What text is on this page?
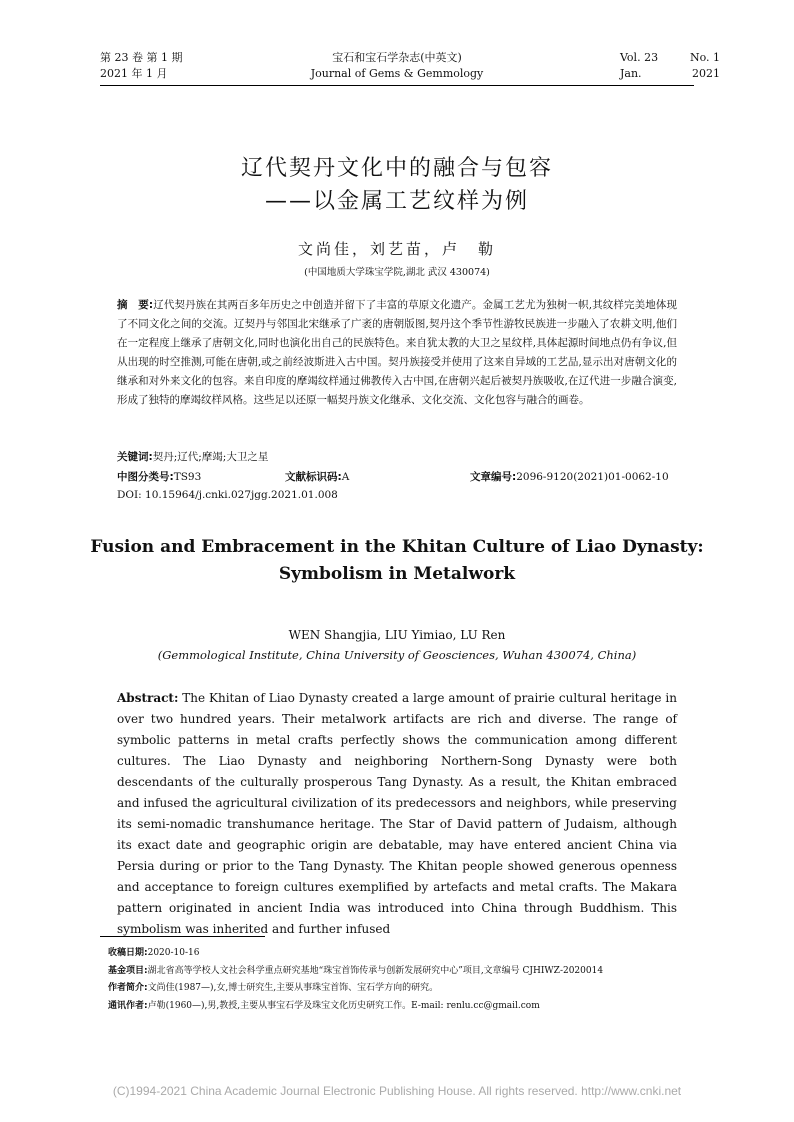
第 23 卷 第 1 期
2021 年 1 月
宝石和宝石学杂志(中英文)
Journal of Gems & Gemmology
Vol. 23	No. 1
Jan.	2021
辽代契丹文化中的融合与包容
——以金属工艺纹样为例
文尚佳，刘艺苗，卢　勒
(中国地质大学珠宝学院,湖北 武汉 430074)
摘　要:辽代契丹族在其两百多年历史之中创造并留下了丰富的草原文化遗产。金属工艺尤为独树一帜,其纹样完美地体现了不同文化之间的交流。辽契丹与邻国北宋继承了广袤的唐朝版图,契丹这个季节性游牧民族进一步融入了农耕文明,他们在一定程度上继承了唐朝文化,同时也演化出自己的民族特色。来自犹太教的大卫之星纹样,具体起源时间地点仍有争议,但从出现的时空推测,可能在唐朝,或之前经波斯进入古中国。契丹族接受并使用了这来自异域的工艺品,显示出对唐朝文化的继承和对外来文化的包容。来自印度的摩竭纹样通过佛教传入古中国,在唐朝兴起后被契丹族吸收,在辽代进一步融合演变,形成了独特的摩竭纹样风格。这些足以还原一幅契丹族文化继承、文化交流、文化包容与融合的画卷。
关键词:契丹;辽代;摩竭;大卫之星
中图分类号:TS93	文献标识码:A	文章编号:2096-9120(2021)01-0062-10
DOI: 10.15964/j.cnki.027jgg.2021.01.008
Fusion and Embracement in the Khitan Culture of Liao Dynasty:
Symbolism in Metalwork
WEN Shangjia, LIU Yimiao, LU Ren
(Gemmological Institute, China University of Geosciences, Wuhan 430074, China)
Abstract: The Khitan of Liao Dynasty created a large amount of prairie cultural heritage in over two hundred years. Their metalwork artifacts are rich and diverse. The range of symbolic patterns in metal crafts perfectly shows the communication among different cultures. The Liao Dynasty and neighboring Northern-Song Dynasty were both descendants of the culturally prosperous Tang Dynasty. As a result, the Khitan embraced and infused the agricultural civilization of its predecessors and neighbors, while preserving its semi-nomadic transhumance heritage. The Star of David pattern of Judaism, although its exact date and geographic origin are debatable, may have entered ancient China via Persia during or prior to the Tang Dynasty. The Khitan people showed generous openness and acceptance to foreign cultures exemplified by artefacts and metal crafts. The Makara pattern originated in ancient India was introduced into China through Buddhism. This symbolism was inherited and further infused
收稿日期:2020-10-16
基金项目:湖北省高等学校人文社会科学重点研究基地“珠宝首饰传承与创新发展研究中心”项目,文章编号 CJHIWZ-2020014
作者简介:文尚佳(1987—),女,博士研究生,主要从事珠宝首饰、宝石学方向的研究。
通讯作者:卢勒(1960—),男,教授,主要从事宝石学及珠宝文化历史研究工作。E-mail: renlu.cc@gmail.com
(C)1994-2021 China Academic Journal Electronic Publishing House. All rights reserved. http://www.cnki.net
